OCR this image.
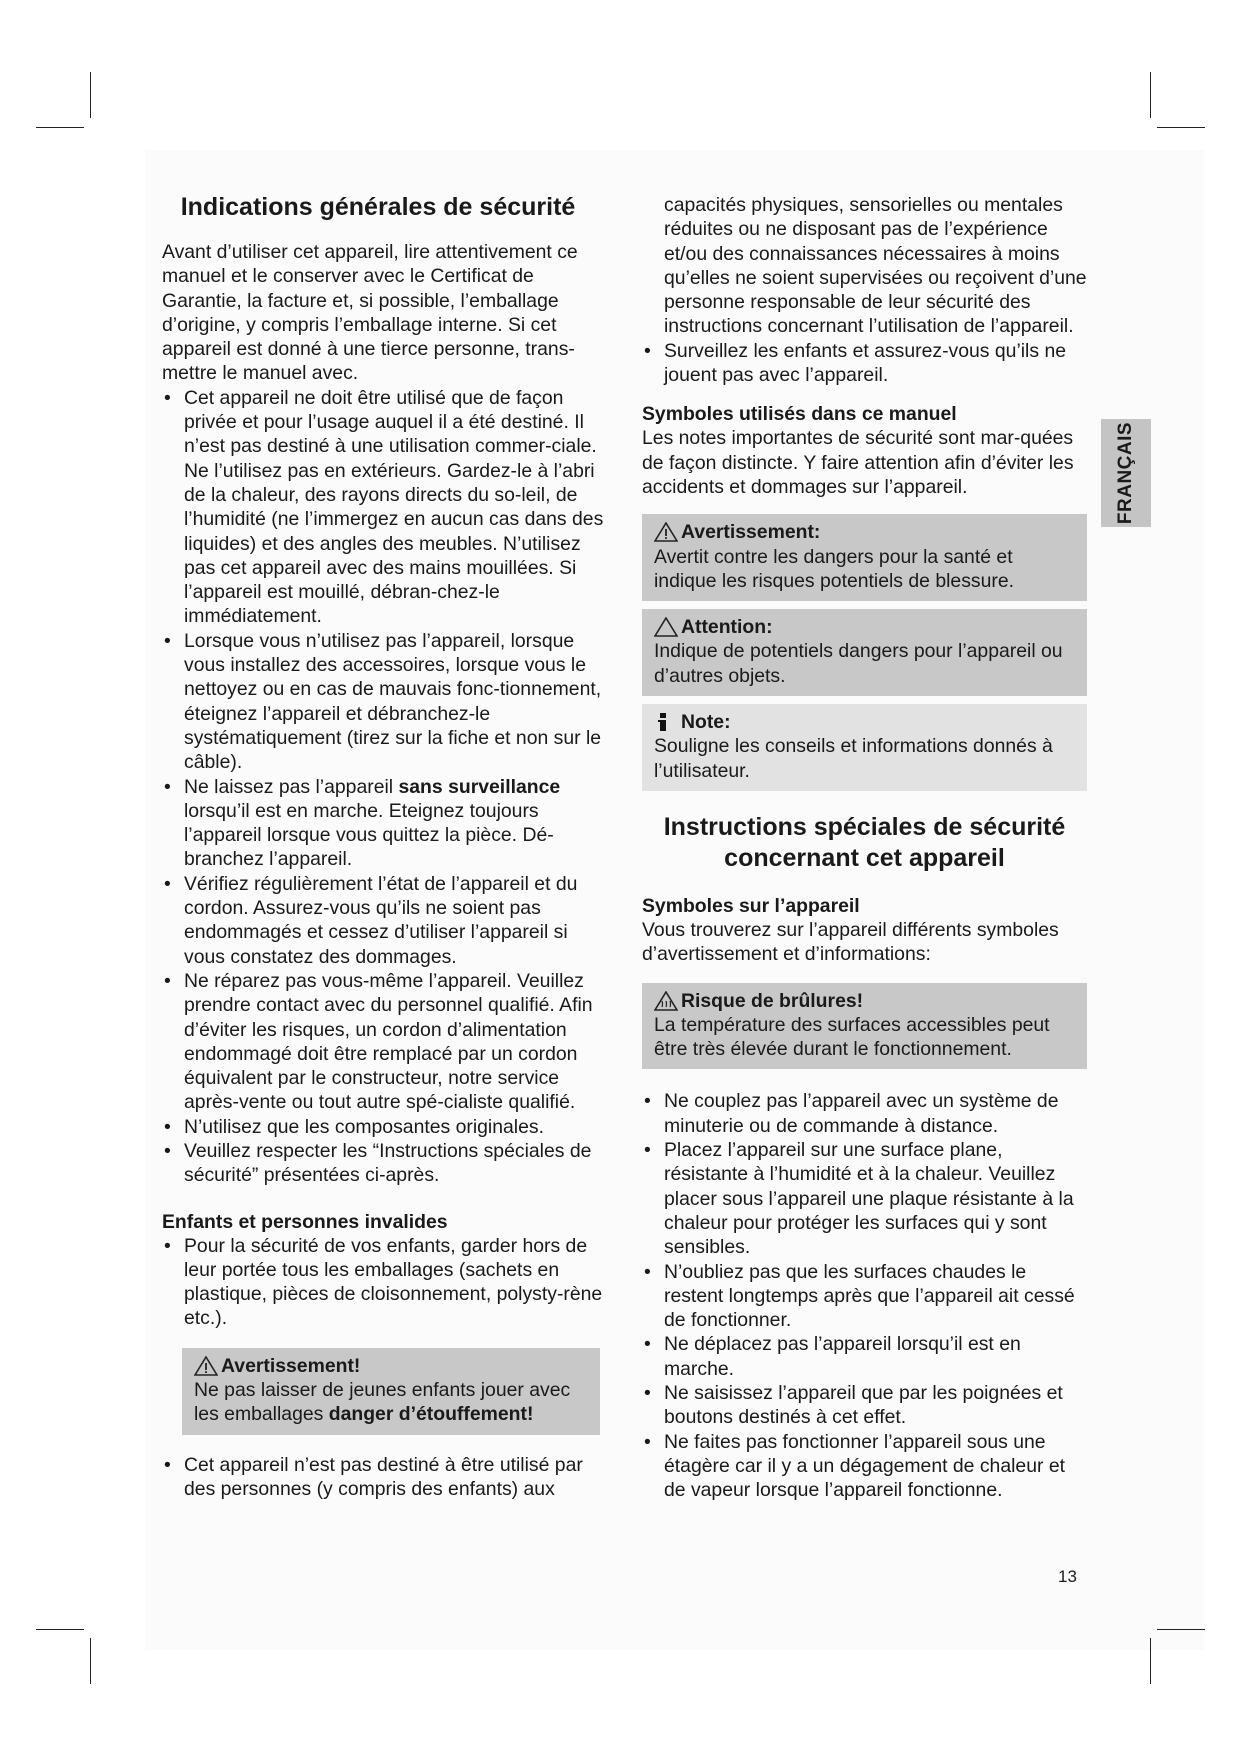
Indications générales de sécurité

Avant d’utiliser cet appareil, lire attentivement ce manuel et le conserver avec le Certificat de Garantie, la facture et, si possible, l’emballage d’origine, y compris l’emballage interne. Si cet appareil est donné à une tierce personne, trans-mettre le manuel avec.

• Cet appareil ne doit être utilisé que de façon privée et pour l’usage auquel il a été destiné. Il n’est pas destiné à une utilisation commer-ciale.
Ne l’utilisez pas en extérieurs. Gardez-le à l’abri de la chaleur, des rayons directs du so-leil, de l’humidité (ne l’immergez en aucun cas dans des liquides) et des angles des meubles. N’utilisez pas cet appareil avec des mains mouillées. Si l’appareil est mouillé, débran-chez-le immédiatement.
• Lorsque vous n’utilisez pas l’appareil, lorsque vous installez des accessoires, lorsque vous le nettoyez ou en cas de mauvais fonc-tionnement, éteignez l’appareil et débranchez-le systématiquement (tirez sur la fiche et non sur le câble).
• Ne laissez pas l’appareil sans surveillance lorsqu’il est en marche. Eteignez toujours l’appareil lorsque vous quittez la pièce. Dé-branchez l’appareil.
• Vérifiez régulièrement l’état de l’appareil et du cordon. Assurez-vous qu’ils ne soient pas endommagés et cessez d’utiliser l’appareil si vous constatez des dommages.
• Ne réparez pas vous-même l’appareil. Veuillez prendre contact avec du personnel qualifié. Afin d’éviter les risques, un cordon d’alimentation endommagé doit être remplacé par un cordon équivalent par le constructeur, notre service après-vente ou tout autre spé-cialiste qualifié.
• N’utilisez que les composantes originales.
• Veuillez respecter les “Instructions spéciales de sécurité” présentées ci-après.
Enfants et personnes invalides
• Pour la sécurité de vos enfants, garder hors de leur portée tous les emballages (sachets en plastique, pièces de cloisonnement, polysty-rène etc.).
Avertissement!
Ne pas laisser de jeunes enfants jouer avec les emballages danger d’étouffement!
• Cet appareil n’est pas destiné à être utilisé par des personnes (y compris des enfants) aux

capacités physiques, sensorielles ou mentales réduites ou ne disposant pas de l’expérience et/ou des connaissances nécessaires à moins qu’elles ne soient supervisées ou reçoivent d’une personne responsable de leur sécurité des instructions concernant l’utilisation de l’appareil.

• Surveillez les enfants et assurez-vous qu’ils ne jouent pas avec l’appareil.
Symboles utilisés dans ce manuel

Les notes importantes de sécurité sont mar-quées de façon distincte. Y faire attention afin d’éviter les accidents et dommages sur l’appareil.

Avertissement:
Avertit contre les dangers pour la santé et indique les risques potentiels de blessure.
Attention:
Indique de potentiels dangers pour l’appareil ou d’autres objets.
Note:
Souligne les conseils et informations donnés à l’utilisateur.
Instructions spéciales de sécurité
concernant cet appareil
Symboles sur l’appareil

Vous trouverez sur l’appareil différents symboles d’avertissement et d’informations:

Risque de brûlures!
La température des surfaces accessibles peut être très élevée durant le fonctionnement.
• Ne couplez pas l’appareil avec un système de minuterie ou de commande à distance.
• Placez l’appareil sur une surface plane, résistante à l’humidité et à la chaleur. Veuillez placer sous l’appareil une plaque résistante à la chaleur pour protéger les surfaces qui y sont sensibles.
• N’oubliez pas que les surfaces chaudes le restent longtemps après que l’appareil ait cessé de fonctionner.
• Ne déplacez pas l’appareil lorsqu’il est en marche.
• Ne saisissez l’appareil que par les poignées et boutons destinés à cet effet.
• Ne faites pas fonctionner l’appareil sous une étagère car il y a un dégagement de chaleur et de vapeur lorsque l’appareil fonctionne.
FRANÇAIS
13
